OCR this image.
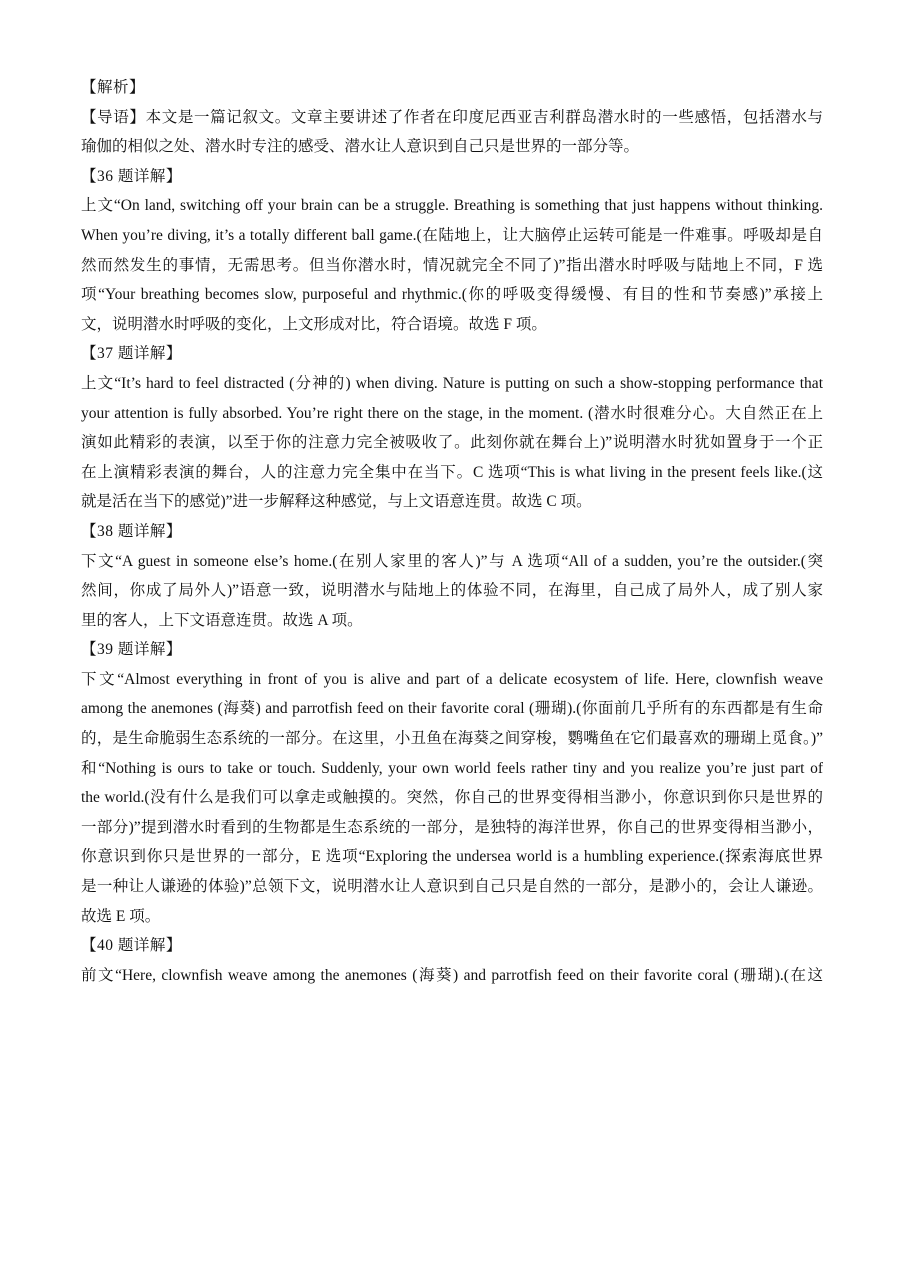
【解析】
【导语】本文是一篇记叙文。文章主要讲述了作者在印度尼西亚吉利群岛潜水时的一些感悟，包括潜水与
瑜伽的相似之处、潜水时专注的感受、潜水让人意识到自己只是世界的一部分等。
【36 题详解】
上文“On land, switching off your brain can be a struggle. Breathing is something that just happens without thinking.
When you’re diving, it’s a totally different ball game.(在陆地上，让大脑停止运转可能是一件难事。呼吸却是自
然而然发生的事情，无需思考。但当你潜水时，情况就完全不同了)”指出潜水时呼吸与陆地上不同，F 选
项“Your breathing becomes slow, purposeful and rhythmic.(你的呼吸变得缓慢、有目的性和节奏感)”承接上
文，说明潜水时呼吸的变化，上文形成对比，符合语境。故选 F 项。
【37 题详解】
上文“It’s hard to feel distracted (分神的) when diving. Nature is putting on such a show-stopping performance that
your attention is fully absorbed. You’re right there on the stage, in the moment. (潜水时很难分心。大自然正在上
演如此精彩的表演，以至于你的注意力完全被吸收了。此刻你就在舞台上)”说明潜水时犹如置身于一个正
在上演精彩表演的舞台，人的注意力完全集中在当下。C 选项“This is what living in the present feels like.(这
就是活在当下的感觉)”进一步解释这种感觉，与上文语意连贯。故选 C 项。
【38 题详解】
下文“A guest in someone else’s home.(在别人家里的客人)”与 A 选项“All of a sudden, you’re the outsider.(突
然间，你成了局外人)”语意一致，说明潜水与陆地上的体验不同，在海里，自己成了局外人，成了别人家
里的客人，上下文语意连贯。故选 A 项。
【39 题详解】
下文“Almost everything in front of you is alive and part of a delicate ecosystem of life. Here, clownfish weave
among the anemones (海葵) and parrotfish feed on their favorite coral (珊瑚).(你面前几乎所有的东西都是有生命
的，是生命脆弱生态系统的一部分。在这里，小丑鱼在海葵之间穿梭，鹦嘴鱼在它们最喜欢的珊瑚上觅食。)”
和“Nothing is ours to take or touch. Suddenly, your own world feels rather tiny and you realize you’re just part of
the world.(没有什么是我们可以拿走或触摸的。突然，你自己的世界变得相当渺小，你意识到你只是世界的
一部分)”提到潜水时看到的生物都是生态系统的一部分，是独特的海洋世界，你自己的世界变得相当渺小，
你意识到你只是世界的一部分，E 选项“Exploring the undersea world is a humbling experience.(探索海底世界
是一种让人谦逊的体验)”总领下文，说明潜水让人意识到自己只是自然的一部分，是渺小的，会让人谦逊。
故选 E 项。
【40 题详解】
前文“Here, clownfish weave among the anemones (海葵) and parrotfish feed on their favorite coral (珊瑚).(在这
